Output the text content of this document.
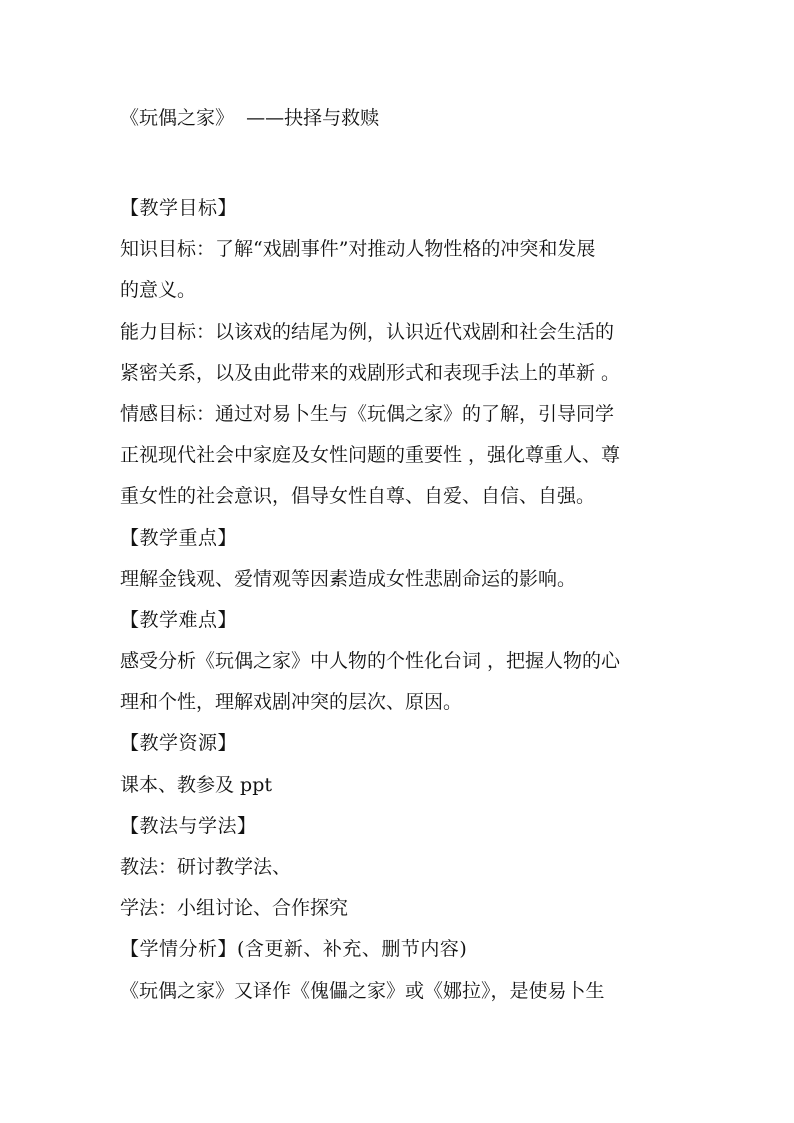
《玩偶之家》  ——抉择与救赎
【教学目标】
知识目标：了解“戏剧事件”对推动人物性格的冲突和发展
的意义。
能力目标：以该戏的结尾为例，认识近代戏剧和社会生活的
紧密关系，以及由此带来的戏剧形式和表现手法上的革新 。
情感目标：通过对易卜生与《玩偶之家》的了解，引导同学
正视现代社会中家庭及女性问题的重要性 ，强化尊重人、尊
重女性的社会意识，倡导女性自尊、自爱、自信、自强。
【教学重点】
理解金钱观、爱情观等因素造成女性悲剧命运的影响。
【教学难点】
感受分析《玩偶之家》中人物的个性化台词 ，把握人物的心
理和个性，理解戏剧冲突的层次、原因。
【教学资源】
课本、教参及 ppt
【教法与学法】
教法：研讨教学法、
学法：小组讨论、合作探究
【学情分析】(含更新、补充、删节内容)
《玩偶之家》又译作《傀儡之家》或《娜拉》，是使易卜生
